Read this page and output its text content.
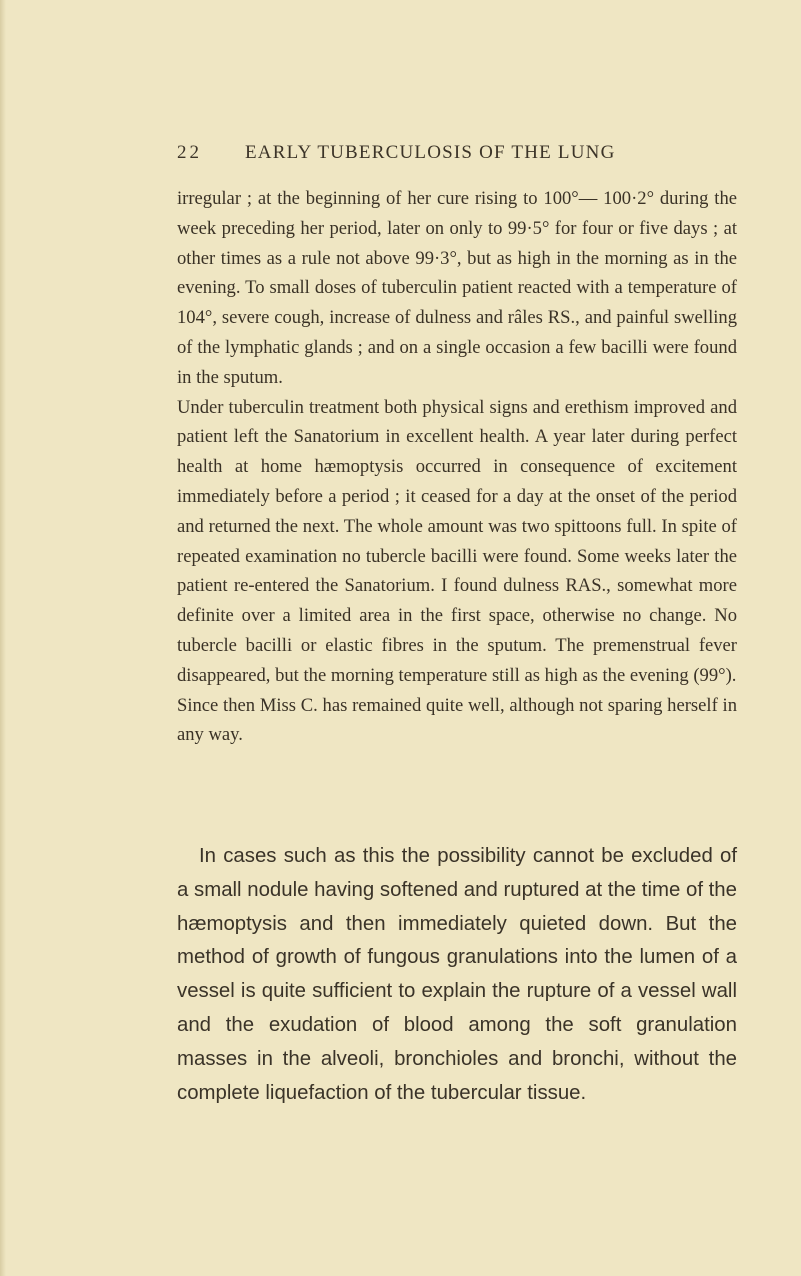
22 EARLY TUBERCULOSIS OF THE LUNG

irregular ; at the beginning of her cure rising to 100°— 100·2° during the week preceding her period, later on only to 99·5° for four or five days ; at other times as a rule not above 99·3°, but as high in the morning as in the evening. To small doses of tuberculin patient reacted with a temperature of 104°, severe cough, increase of dulness and râles RS., and painful swelling of the lymphatic glands ; and on a single occasion a few bacilli were found in the sputum.

Under tuberculin treatment both physical signs and erethism improved and patient left the Sanatorium in excellent health. A year later during perfect health at home hæmoptysis occurred in consequence of excitement immediately before a period ; it ceased for a day at the onset of the period and returned the next. The whole amount was two spittoons full. In spite of repeated examination no tubercle bacilli were found. Some weeks later the patient re-entered the Sanatorium. I found dulness RAS., somewhat more definite over a limited area in the first space, otherwise no change. No tubercle bacilli or elastic fibres in the sputum. The premenstrual fever disappeared, but the morning temperature still as high as the evening (99°).

Since then Miss C. has remained quite well, although not sparing herself in any way.

In cases such as this the possibility cannot be excluded of a small nodule having softened and ruptured at the time of the hæmoptysis and then immediately quieted down. But the method of growth of fungous granulations into the lumen of a vessel is quite sufficient to explain the rupture of a vessel wall and the exudation of blood among the soft granulation masses in the alveoli, bronchioles and bronchi, without the complete liquefaction of the tubercular tissue.
